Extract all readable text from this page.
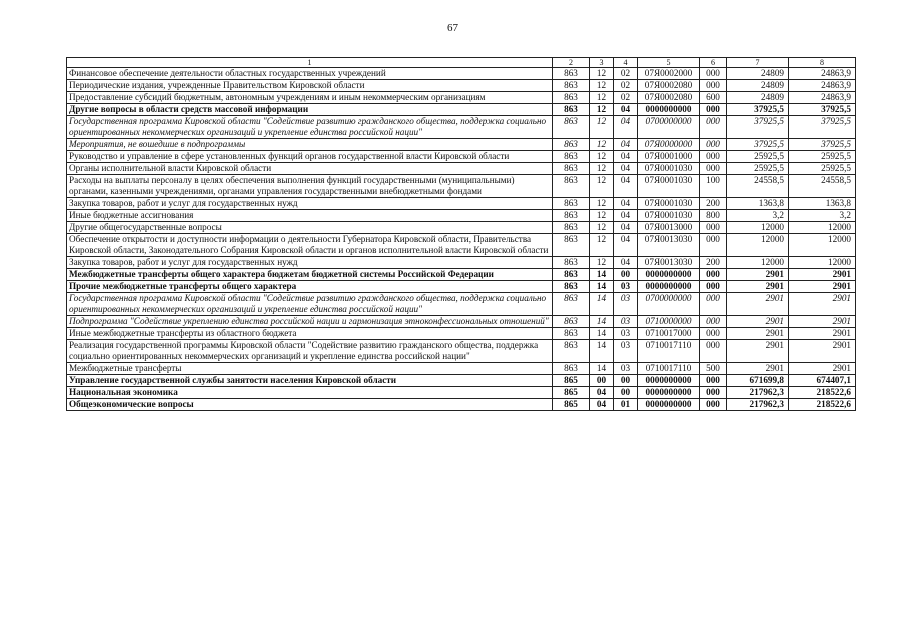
67
1	2	3	4	5	6	7	8
Финансовое обеспечение деятельности областных государственных учреждений	863	12	02	07Я0002000	000	24809	24863,9
Периодические издания, учрежденные Правительством Кировской области	863	12	02	07Я0002080	000	24809	24863,9
Предоставление субсидий бюджетным, автономным учреждениям и иным некоммерческим организациям	863	12	02	07Я0002080	600	24809	24863,9
Другие вопросы в области средств массовой информации	863	12	04	0000000000	000	37925,5	37925,5
Государственная программа Кировской области "Содействие развитию гражданского общества, поддержка социально ориентированных некоммерческих организаций и укрепление единства российской нации"	863	12	04	0700000000	000	37925,5	37925,5
Мероприятия, не вошедшие в подпрограммы	863	12	04	07Я0000000	000	37925,5	37925,5
Руководство и управление в сфере установленных функций органов государственной власти Кировской области	863	12	04	07Я0001000	000	25925,5	25925,5
Органы исполнительной власти Кировской области	863	12	04	07Я0001030	000	25925,5	25925,5
Расходы на выплаты персоналу в целях обеспечения выполнения функций государственными (муниципальными) органами, казенными учреждениями, органами управления государственными внебюджетными фондами	863	12	04	07Я0001030	100	24558,5	24558,5
Закупка товаров, работ и услуг для государственных нужд	863	12	04	07Я0001030	200	1363,8	1363,8
Иные бюджетные ассигнования	863	12	04	07Я0001030	800	3,2	3,2
Другие общегосударственные вопросы	863	12	04	07Я0013000	000	12000	12000
Обеспечение открытости и доступности информации о деятельности Губернатора Кировской области, Правительства Кировской области, Законодательного Собрания Кировской области и органов исполнительной власти Кировской области	863	12	04	07Я0013030	000	12000	12000
Закупка товаров, работ и услуг для государственных нужд	863	12	04	07Я0013030	200	12000	12000
Межбюджетные трансферты общего характера бюджетам бюджетной системы Российской Федерации	863	14	00	0000000000	000	2901	2901
Прочие межбюджетные трансферты общего характера	863	14	03	0000000000	000	2901	2901
Государственная программа Кировской области "Содействие развитию гражданского общества, поддержка социально ориентированных некоммерческих организаций и укрепление единства российской нации"	863	14	03	0700000000	000	2901	2901
Подпрограмма "Содействие укреплению единства российской нации и гармонизация этноконфессиональных отношений"	863	14	03	0710000000	000	2901	2901
Иные межбюджетные трансферты из областного бюджета	863	14	03	0710017000	000	2901	2901
Реализация государственной программы Кировской области "Содействие развитию гражданского общества, поддержка социально ориентированных некоммерческих организаций и укрепление единства российской нации"	863	14	03	0710017110	000	2901	2901
Межбюджетные трансферты	863	14	03	0710017110	500	2901	2901
Управление государственной службы занятости населения Кировской области	865	00	00	0000000000	000	671699,8	674407,1
Национальная экономика	865	04	00	0000000000	000	217962,3	218522,6
Общеэкономические вопросы	865	04	01	0000000000	000	217962,3	218522,6
